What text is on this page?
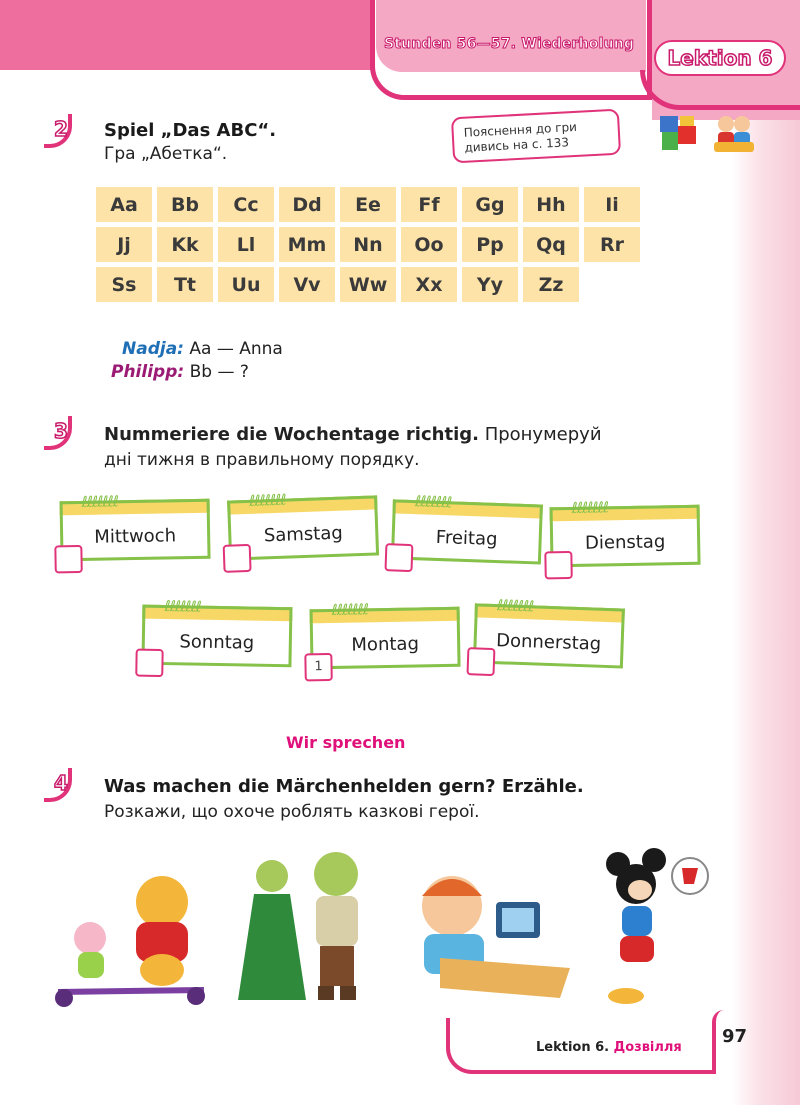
Stunden 56—57. Wiederholung
Lektion 6
2 Spiel „Das ABC“.
Гра „Абетка“.
Пояснення до гри
дивись на с. 133
Aa	Bb	Cc	Dd	Ee	Ff	Gg	Hh	Ii
Jj	Kk	Ll	Mm	Nn	Oo	Pp	Qq	Rr
Ss	Tt	Uu	Vv	Ww	Xx	Yy	Zz
Nadja: Aa — Anna
Philipp: Bb — ?
3 Nummeriere die Wochentage richtig. Пронумеруй
дні тижня в правильному порядку.
ℓℓℓℓℓℓℓ
Mittwoch
ℓℓℓℓℓℓℓ
Samstag
ℓℓℓℓℓℓℓ
Freitag
ℓℓℓℓℓℓℓ
Dienstag
ℓℓℓℓℓℓℓ
Sonntag
ℓℓℓℓℓℓℓ
Montag
1
ℓℓℓℓℓℓℓ
Donnerstag
Wir sprechen
4 Was machen die Märchenhelden gern? Erzähle.
Розкажи, що охоче роблять казкові герої.
Lektion 6. Дозвілля
97
